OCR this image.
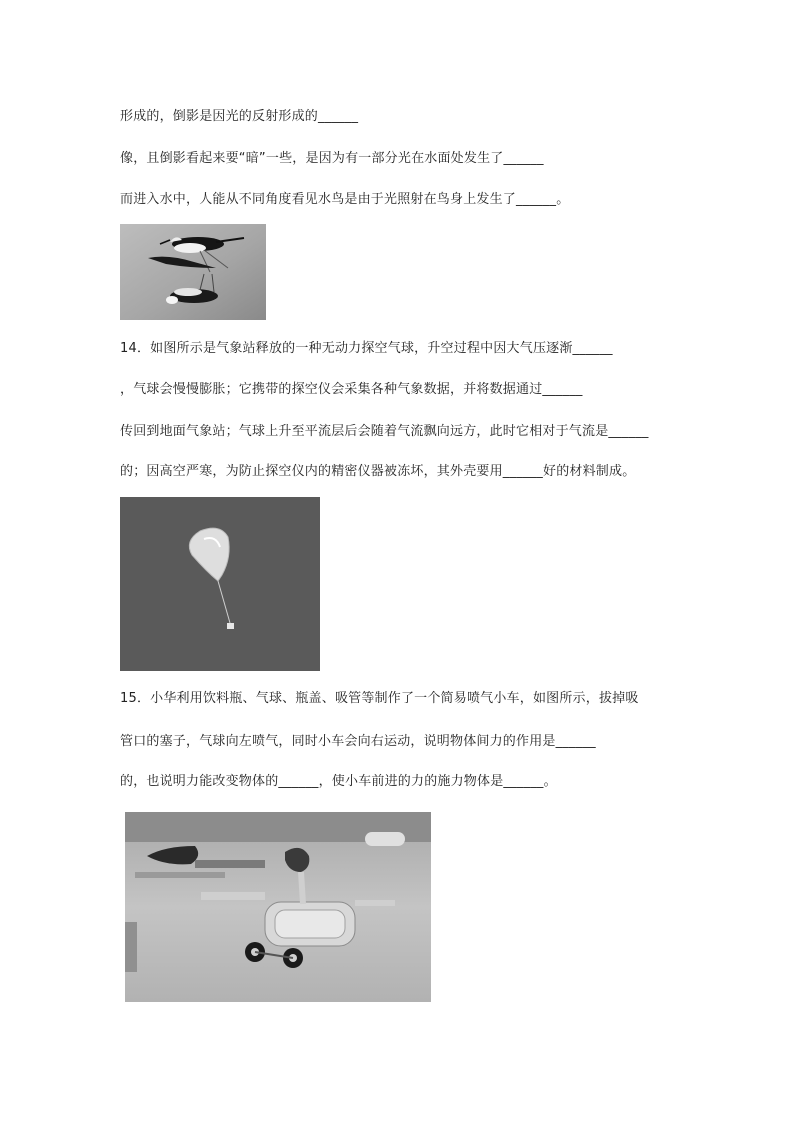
形成的，倒影是因光的反射形成的______
像，且倒影看起来要“暗”一些，是因为有一部分光在水面处发生了______
而进入水中，人能从不同角度看见水鸟是由于光照射在鸟身上发生了______。
14．如图所示是气象站释放的一种无动力探空气球，升空过程中因大气压逐渐______
，气球会慢慢膨胀；它携带的探空仪会采集各种气象数据，并将数据通过______
传回到地面气象站；气球上升至平流层后会随着气流飘向远方，此时它相对于气流是______
的；因高空严寒，为防止探空仪内的精密仪器被冻坏，其外壳要用______好的材料制成。
15．小华利用饮料瓶、气球、瓶盖、吸管等制作了一个简易喷气小车，如图所示，拔掉吸
管口的塞子，气球向左喷气，同时小车会向右运动，说明物体间力的作用是______
的，也说明力能改变物体的______，使小车前进的力的施力物体是______。
